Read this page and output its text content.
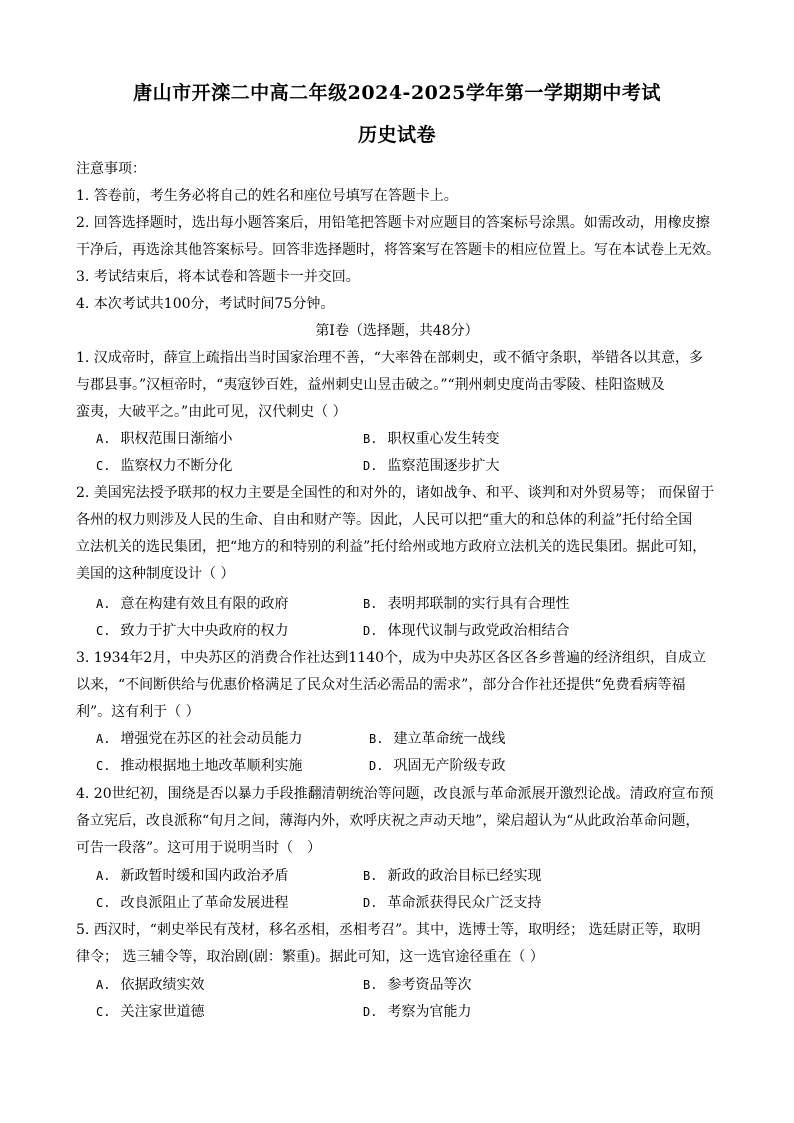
唐山市开滦二中高二年级2024-2025学年第一学期期中考试
历史试卷
注意事项：
1. 答卷前，考生务必将自己的姓名和座位号填写在答题卡上。
2. 回答选择题时，选出每小题答案后，用铅笔把答题卡对应题目的答案标号涂黑。如需改动，用橡皮擦
干净后，再选涂其他答案标号。回答非选择题时，将答案写在答题卡的相应位置上。写在本试卷上无效。
3. 考试结束后，将本试卷和答题卡一并交回。
4. 本次考试共100分，考试时间75分钟。
第Ⅰ卷（选择题，共48分）
1. 汉成帝时，薛宣上疏指出当时国家治理不善，“大率咎在部刺史，或不循守条职，举错各以其意，多
与郡县事。”汉桓帝时，“夷寇钞百姓，益州刺史山昱击破之。”“荆州刺史度尚击零陵、桂阳盗贼及
蛮夷，大破平之。”由此可见，汉代刺史（ ）
A. 职权范围日渐缩小	B. 职权重心发生转变
C. 监察权力不断分化	D. 监察范围逐步扩大
2. 美国宪法授予联邦的权力主要是全国性的和对外的，诸如战争、和平、谈判和对外贸易等； 而保留于
各州的权力则涉及人民的生命、自由和财产等。因此，人民可以把“重大的和总体的利益”托付给全国
立法机关的选民集团，把“地方的和特别的利益”托付给州或地方政府立法机关的选民集团。据此可知，
美国的这种制度设计（ ）
A. 意在构建有效且有限的政府	B. 表明邦联制的实行具有合理性
C. 致力于扩大中央政府的权力	D. 体现代议制与政党政治相结合
3. 1934年2月，中央苏区的消费合作社达到1140个，成为中央苏区各区各乡普遍的经济组织，自成立
以来，“不间断供给与优惠价格满足了民众对生活必需品的需求”，部分合作社还提供“免费看病等福
利”。这有利于（ ）
A. 增强党在苏区的社会动员能力	B. 建立革命统一战线
C. 推动根据地土地改革顺利实施	D. 巩固无产阶级专政
4. 20世纪初，围绕是否以暴力手段推翻清朝统治等问题，改良派与革命派展开激烈论战。清政府宣布预
备立宪后，改良派称“旬月之间，薄海内外，欢呼庆祝之声动天地”，梁启超认为“从此政治革命问题，
可告一段落”。这可用于说明当时（　）
A. 新政暂时缓和国内政治矛盾	B. 新政的政治目标已经实现
C. 改良派阻止了革命发展进程	D. 革命派获得民众广泛支持
5. 西汉时，“刺史举民有茂材，移名丞相，丞相考召”。其中，选博士等，取明经； 选廷尉正等，取明
律令； 选三辅令等，取治剧(剧：繁重)。据此可知，这一选官途径重在（ ）
A. 依据政绩实效	B. 参考资品等次
C. 关注家世道德	D. 考察为官能力
